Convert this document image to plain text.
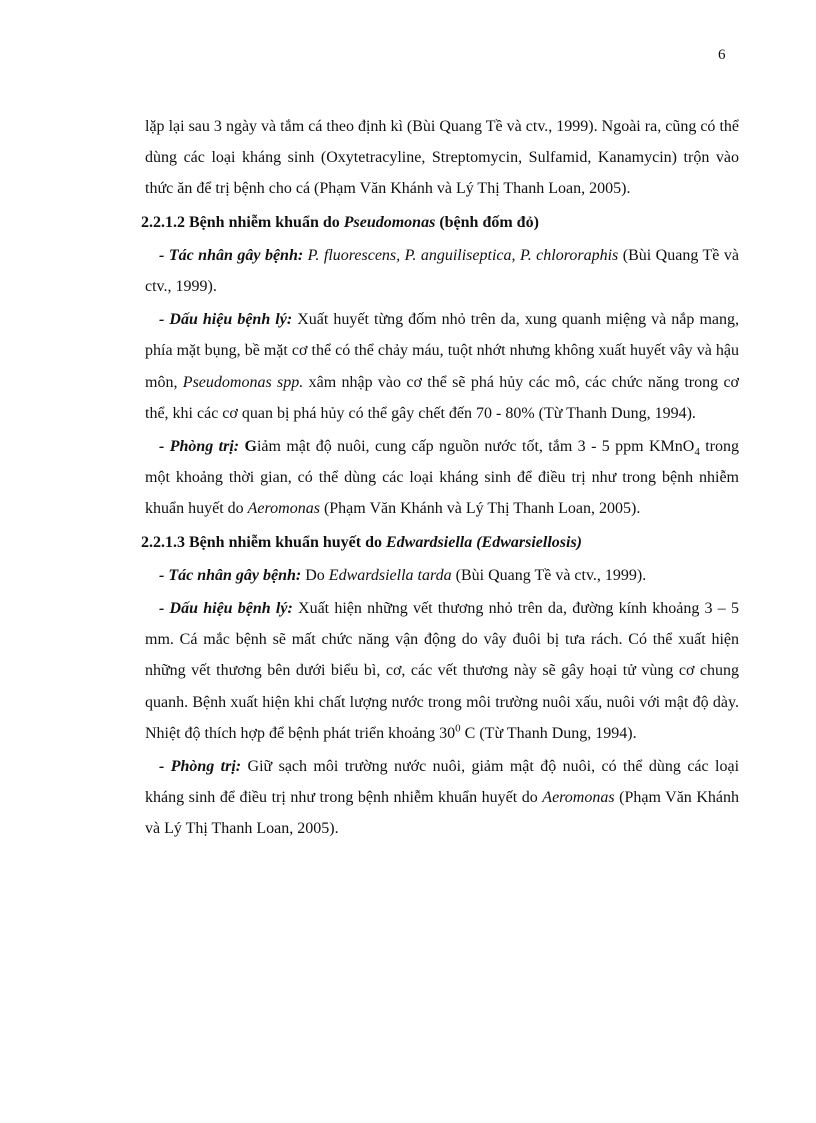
6

lặp lại sau 3 ngày và tắm cá theo định kì (Bùi Quang Tề và ctv., 1999). Ngoài ra, cũng có thể dùng các loại kháng sinh (Oxytetracyline, Streptomycin, Sulfamid, Kanamycin) trộn vào thức ăn để trị bệnh cho cá (Phạm Văn Khánh và Lý Thị Thanh Loan, 2005).

2.2.1.2 Bệnh nhiễm khuẩn do Pseudomonas (bệnh đốm đỏ)

- Tác nhân gây bệnh: P. fluorescens, P. anguiliseptica, P. chlororaphis (Bùi Quang Tề và ctv., 1999).

- Dấu hiệu bệnh lý: Xuất huyết từng đốm nhỏ trên da, xung quanh miệng và nắp mang, phía mặt bụng, bề mặt cơ thể có thể chảy máu, tuột nhớt nhưng không xuất huyết vây và hậu môn, Pseudomonas spp. xâm nhập vào cơ thể sẽ phá hủy các mô, các chức năng trong cơ thể, khi các cơ quan bị phá hủy có thể gây chết đến 70 - 80% (Từ Thanh Dung, 1994).

- Phòng trị: Giảm mật độ nuôi, cung cấp nguồn nước tốt, tắm 3 - 5 ppm KMnO$_4$ trong một khoảng thời gian, có thể dùng các loại kháng sinh để điều trị như trong bệnh nhiễm khuẩn huyết do Aeromonas (Phạm Văn Khánh và Lý Thị Thanh Loan, 2005).

2.2.1.3 Bệnh nhiễm khuẩn huyết do Edwardsiella (Edwarsiellosis)

- Tác nhân gây bệnh: Do Edwardsiella tarda (Bùi Quang Tề và ctv., 1999).

- Dấu hiệu bệnh lý: Xuất hiện những vết thương nhỏ trên da, đường kính khoảng 3 – 5 mm. Cá mắc bệnh sẽ mất chức năng vận động do vây đuôi bị tưa rách. Có thể xuất hiện những vết thương bên dưới biểu bì, cơ, các vết thương này sẽ gây hoại tử vùng cơ chung quanh. Bệnh xuất hiện khi chất lượng nước trong môi trường nuôi xấu, nuôi với mật độ dày. Nhiệt độ thích hợp để bệnh phát triển khoảng $30^0$ C (Từ Thanh Dung, 1994).

- Phòng trị: Giữ sạch môi trường nước nuôi, giảm mật độ nuôi, có thể dùng các loại kháng sinh để điều trị như trong bệnh nhiễm khuẩn huyết do Aeromonas (Phạm Văn Khánh và Lý Thị Thanh Loan, 2005).
